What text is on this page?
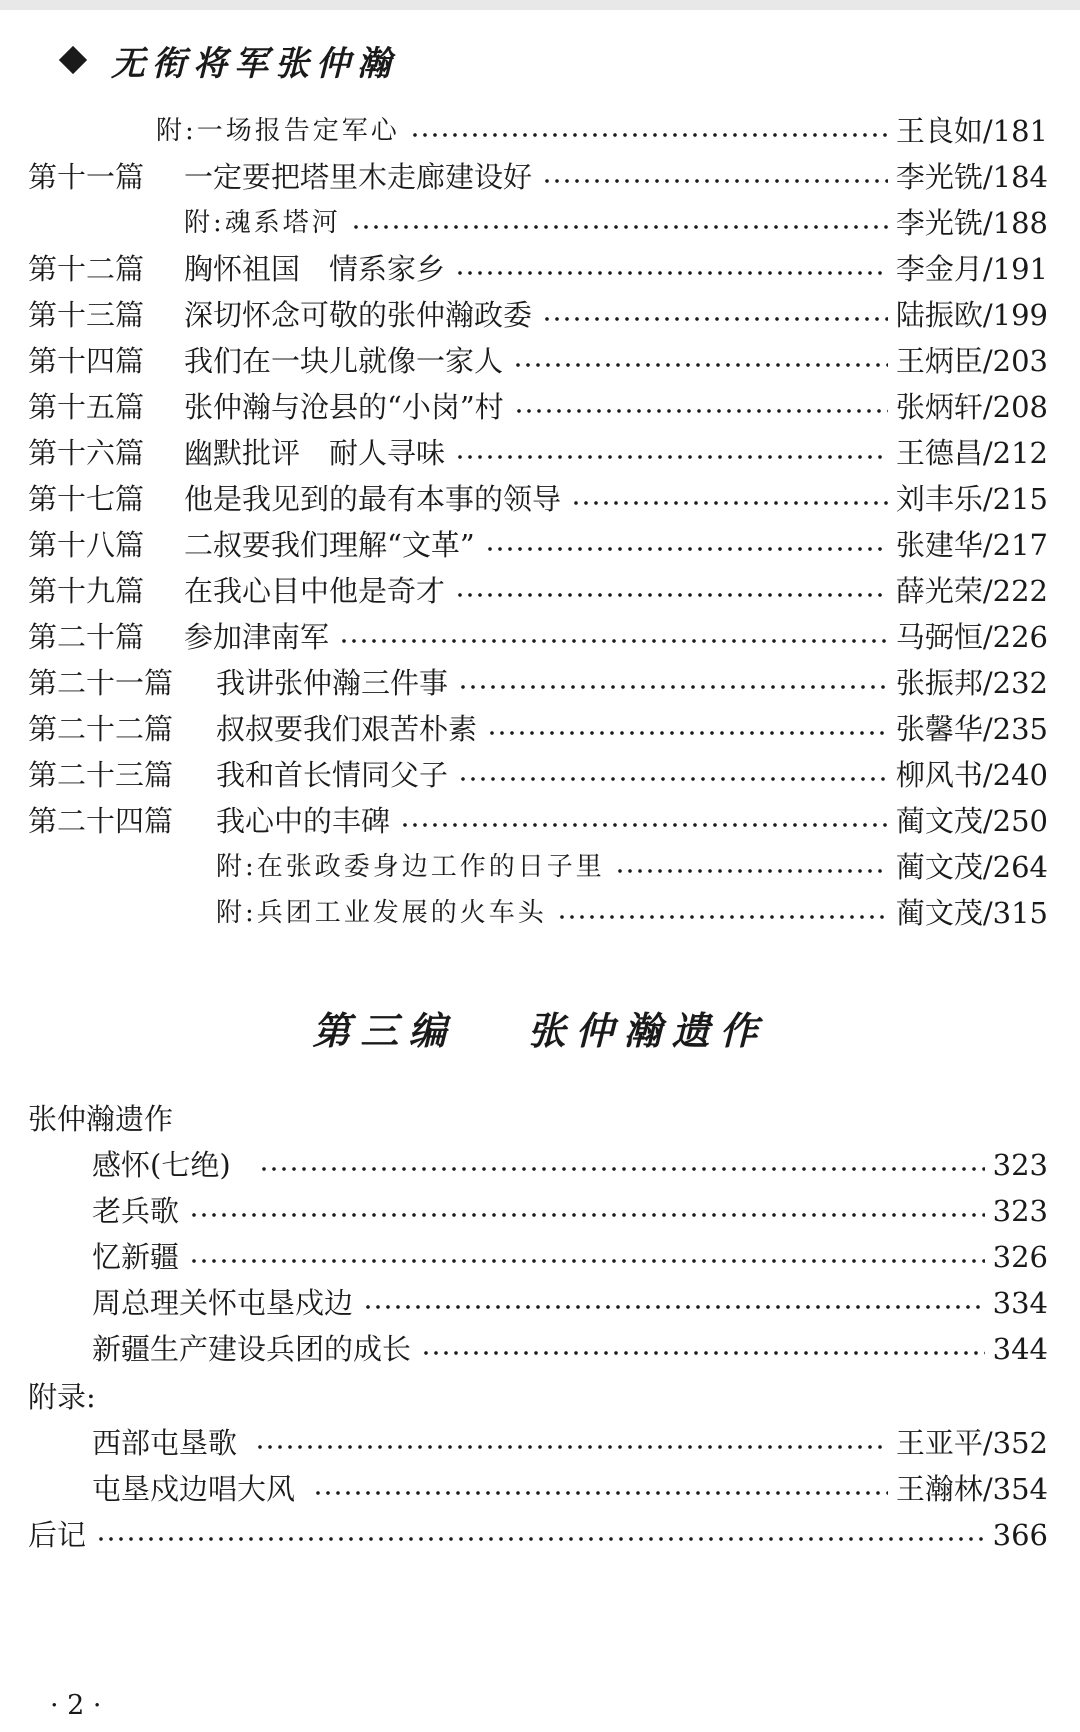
无衔将军张仲瀚
附:一场报告定军心	王良如/181
第十一篇	一定要把塔里木走廊建设好	李光铣/184
附:魂系塔河	李光铣/188
第十二篇	胸怀祖国　情系家乡	李金月/191
第十三篇	深切怀念可敬的张仲瀚政委	陆振欧/199
第十四篇	我们在一块儿就像一家人	王炳臣/203
第十五篇	张仲瀚与沧县的“小岗”村	张炳轩/208
第十六篇	幽默批评　耐人寻味	王德昌/212
第十七篇	他是我见到的最有本事的领导	刘丰乐/215
第十八篇	二叔要我们理解“文革”	张建华/217
第十九篇	在我心目中他是奇才	薛光荣/222
第二十篇	参加津南军	马弼恒/226
第二十一篇	我讲张仲瀚三件事	张振邦/232
第二十二篇	叔叔要我们艰苦朴素	张馨华/235
第二十三篇	我和首长情同父子	柳风书/240
第二十四篇	我心中的丰碑	蔺文茂/250
附:在张政委身边工作的日子里	蔺文茂/264
附:兵团工业发展的火车头	蔺文茂/315
第三编 张仲瀚遗作
张仲瀚遗作
感怀(七绝)	323
老兵歌	323
忆新疆	326
周总理关怀屯垦戍边	334
新疆生产建设兵团的成长	344
附录:
西部屯垦歌	王亚平/352
屯垦戍边唱大风	王瀚林/354
后记	366
· 2 ·
